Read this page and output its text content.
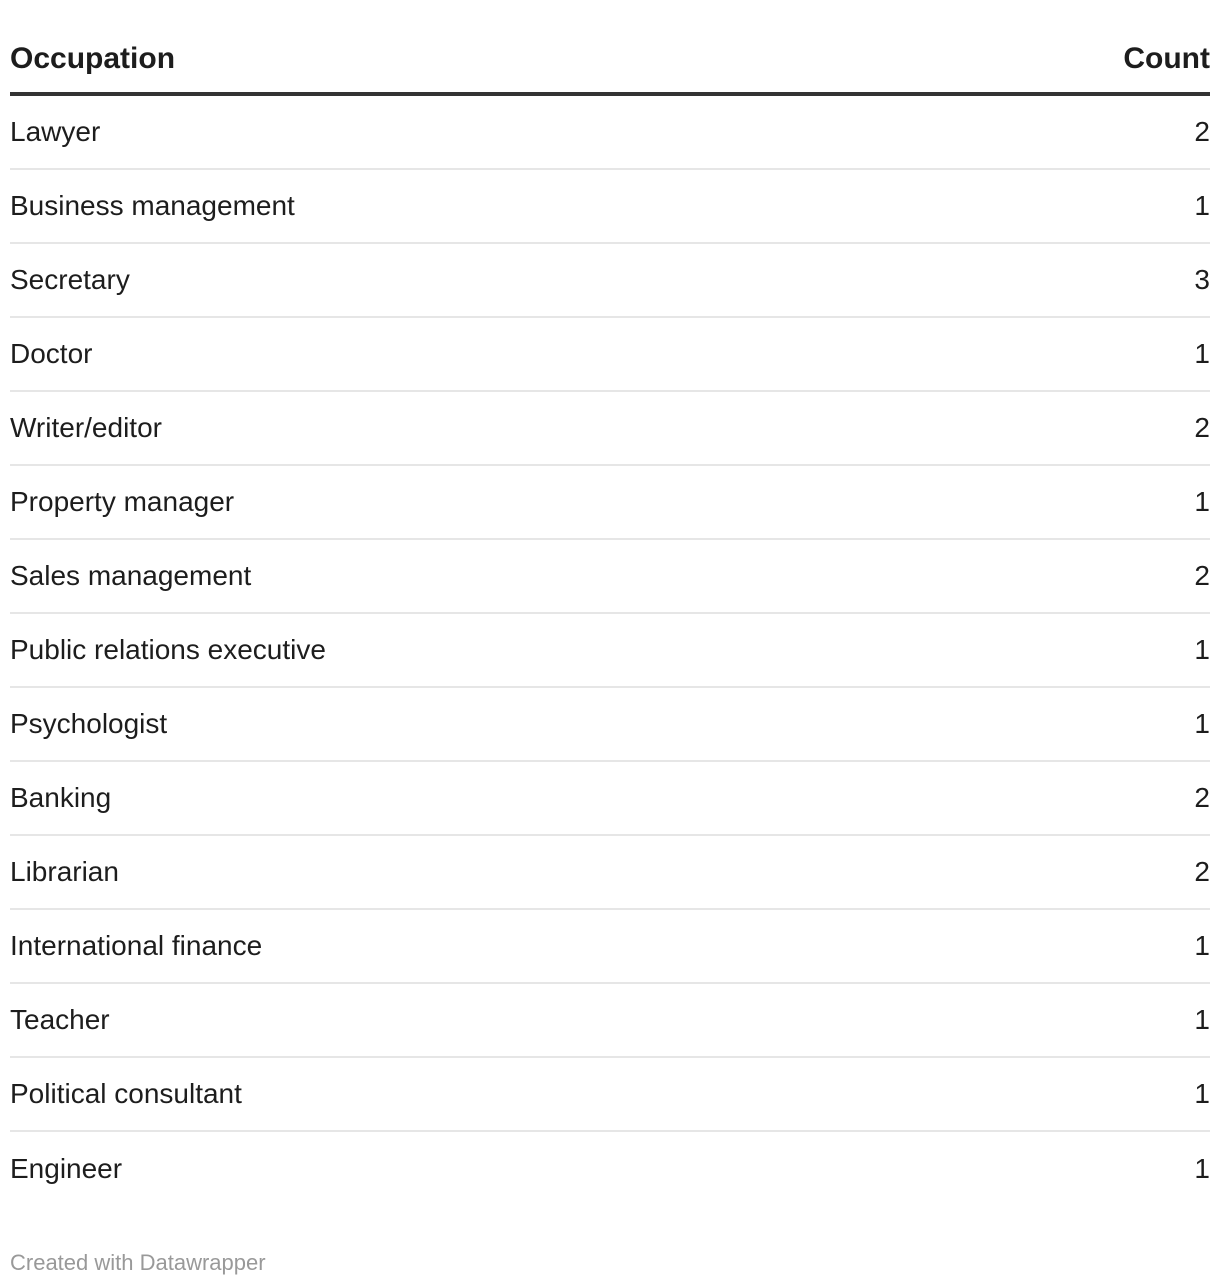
Occupation	Count
Lawyer	2
Business management	1
Secretary	3
Doctor	1
Writer/editor	2
Property manager	1
Sales management	2
Public relations executive	1
Psychologist	1
Banking	2
Librarian	2
International finance	1
Teacher	1
Political consultant	1
Engineer	1
Created with Datawrapper
